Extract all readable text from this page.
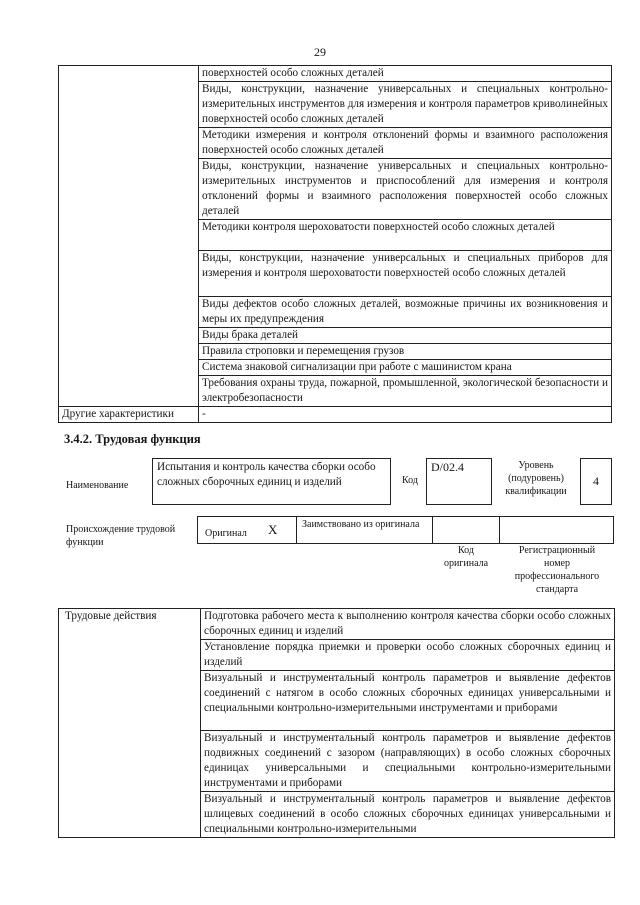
29
	поверхностей особо сложных деталей
	Виды, конструкции, назначение универсальных и специальных контрольно-измерительных инструментов для измерения и контроля параметров криволинейных поверхностей особо сложных деталей
	Методики измерения и контроля отклонений формы и взаимного расположения поверхностей особо сложных деталей
	Виды, конструкции, назначение универсальных и специальных контрольно-измерительных инструментов и приспособлений для измерения и контроля отклонений формы и взаимного расположения поверхностей особо сложных деталей
	Методики контроля шероховатости поверхностей особо сложных деталей
	Виды, конструкции, назначение универсальных и специальных приборов для измерения и контроля шероховатости поверхностей особо сложных деталей
	Виды дефектов особо сложных деталей, возможные причины их возникновения и меры их предупреждения
	Виды брака деталей
	Правила строповки и перемещения грузов
	Система знаковой сигнализации при работе с машинистом крана
	Требования охраны труда, пожарной, промышленной, экологической безопасности и электробезопасности
Другие характеристики	-
3.4.2. Трудовая функция
Наименование
Испытания и контроль качества сборки особо сложных сборочных единиц и изделий	Код
D/02.4	Уровень (подуровень) квалификации
4
Происхождение трудовой функции
Оригинал X Заимствовано из оригинала
Код оригинала
Регистрационный номер профессионального стандарта
Трудовые действия	Подготовка рабочего места к выполнению контроля качества сборки особо сложных сборочных единиц и изделий
Установление порядка приемки и проверки особо сложных сборочных единиц и изделий
Визуальный и инструментальный контроль параметров и выявление дефектов соединений с натягом в особо сложных сборочных единицах универсальными и специальными контрольно-измерительными инструментами и приборами
Визуальный и инструментальный контроль параметров и выявление дефектов подвижных соединений с зазором (направляющих) в особо сложных сборочных единицах универсальными и специальными контрольно-измерительными инструментами и приборами
Визуальный и инструментальный контроль параметров и выявление дефектов шлицевых соединений в особо сложных сборочных единицах универсальными и специальными контрольно-измерительными
